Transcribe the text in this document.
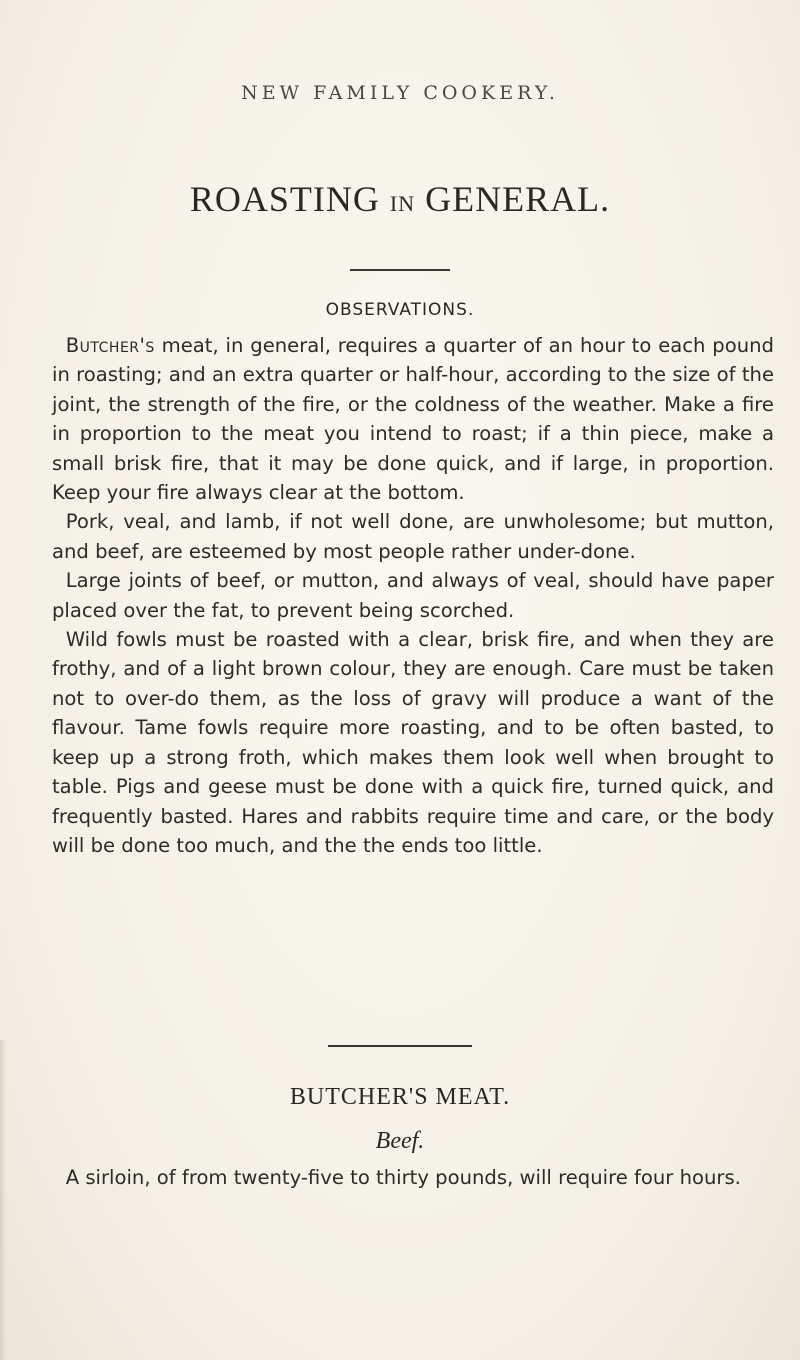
NEW FAMILY COOKERY.
ROASTING IN GENERAL.
OBSERVATIONS.

Butcher's meat, in general, requires a quarter of an hour to each pound in roasting; and an extra quarter or half-hour, according to the size of the joint, the strength of the fire, or the coldness of the weather. Make a fire in proportion to the meat you intend to roast; if a thin piece, make a small brisk fire, that it may be done quick, and if large, in proportion. Keep your fire always clear at the bottom.

Pork, veal, and lamb, if not well done, are unwholesome; but mutton, and beef, are esteemed by most people rather under-done.

Large joints of beef, or mutton, and always of veal, should have paper placed over the fat, to prevent being scorched.

Wild fowls must be roasted with a clear, brisk fire, and when they are frothy, and of a light brown colour, they are enough. Care must be taken not to over-do them, as the loss of gravy will produce a want of the flavour. Tame fowls require more roasting, and to be often basted, to keep up a strong froth, which makes them look well when brought to table. Pigs and geese must be done with a quick fire, turned quick, and frequently basted. Hares and rabbits require time and care, or the body will be done too much, and the the ends too little.

BUTCHER'S MEAT.
Beef.

A sirloin, of from twenty-five to thirty pounds, will require four hours.
